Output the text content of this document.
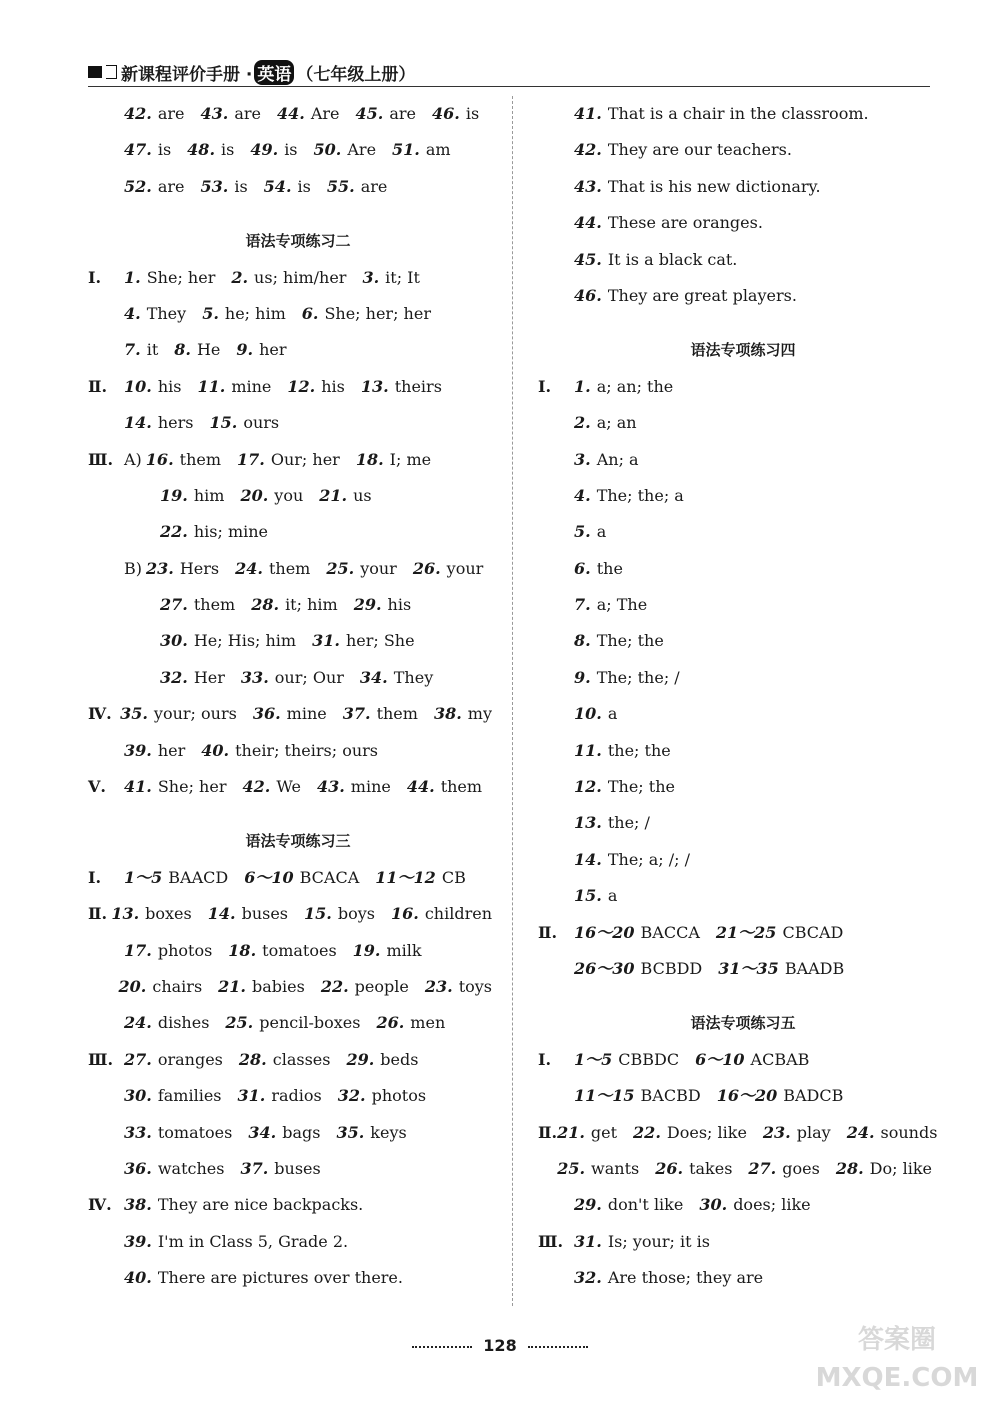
新课程评价手册 · 英语 （七年级上册）
42. are 43. are 44. Are 45. are 46. is
47. is 48. is 49. is 50. Are 51. am
52. are 53. is 54. is 55. are
语法专项练习二
Ⅰ.	1. She; her 2. us; him/her 3. it; It
4. They 5. he; him 6. She; her; her
7. it 8. He 9. her
Ⅱ.	10. his 11. mine 12. his 13. theirs
14. hers 15. ours
Ⅲ. A) 16. them 17. Our; her 18. I; me
19. him 20. you 21. us
22. his; mine
B) 23. Hers 24. them 25. your 26. your
27. them 28. it; him 29. his
30. He; His; him 31. her; She
32. Her 33. our; Our 34. They
Ⅳ. 35. your; ours 36. mine 37. them 38. my
39. her 40. their; theirs; ours
Ⅴ.	41. She; her 42. We 43. mine 44. them
语法专项练习三
Ⅰ.	1～5 BAACD 6～10 BCACA 11～12 CB
Ⅱ. 13. boxes 14. buses 15. boys 16. children
17. photos 18. tomatoes 19. milk
20. chairs 21. babies 22. people 23. toys
24. dishes 25. pencil-boxes 26. men
Ⅲ. 27. oranges 28. classes 29. beds
30. families 31. radios 32. photos
33. tomatoes 34. bags 35. keys
36. watches 37. buses
Ⅳ. 38. They are nice backpacks.
39. I'm in Class 5, Grade 2.
40. There are pictures over there.
41. That is a chair in the classroom.
42. They are our teachers.
43. That is his new dictionary.
44. These are oranges.
45. It is a black cat.
46. They are great players.
语法专项练习四
Ⅰ.	1. a; an; the
2. a; an
3. An; a
4. The; the; a
5. a
6. the
7. a; The
8. The; the
9. The; the; /
10. a
11. the; the
12. The; the
13. the; /
14. The; a; /; /
15. a
Ⅱ.	16～20 BACCA 21～25 CBCAD
26～30 BCBDD 31～35 BAADB
语法专项练习五
Ⅰ.	1～5 CBBDC 6～10 ACBAB
11～15 BACBD 16～20 BADCB
Ⅱ. 21. get 22. Does; like 23. play 24. sounds
25. wants 26. takes 27. goes 28. Do; like
29. don't like 30. does; like
Ⅲ. 31. Is; your; it is
32. Are those; they are
128	答案圈
MXQE.COM
